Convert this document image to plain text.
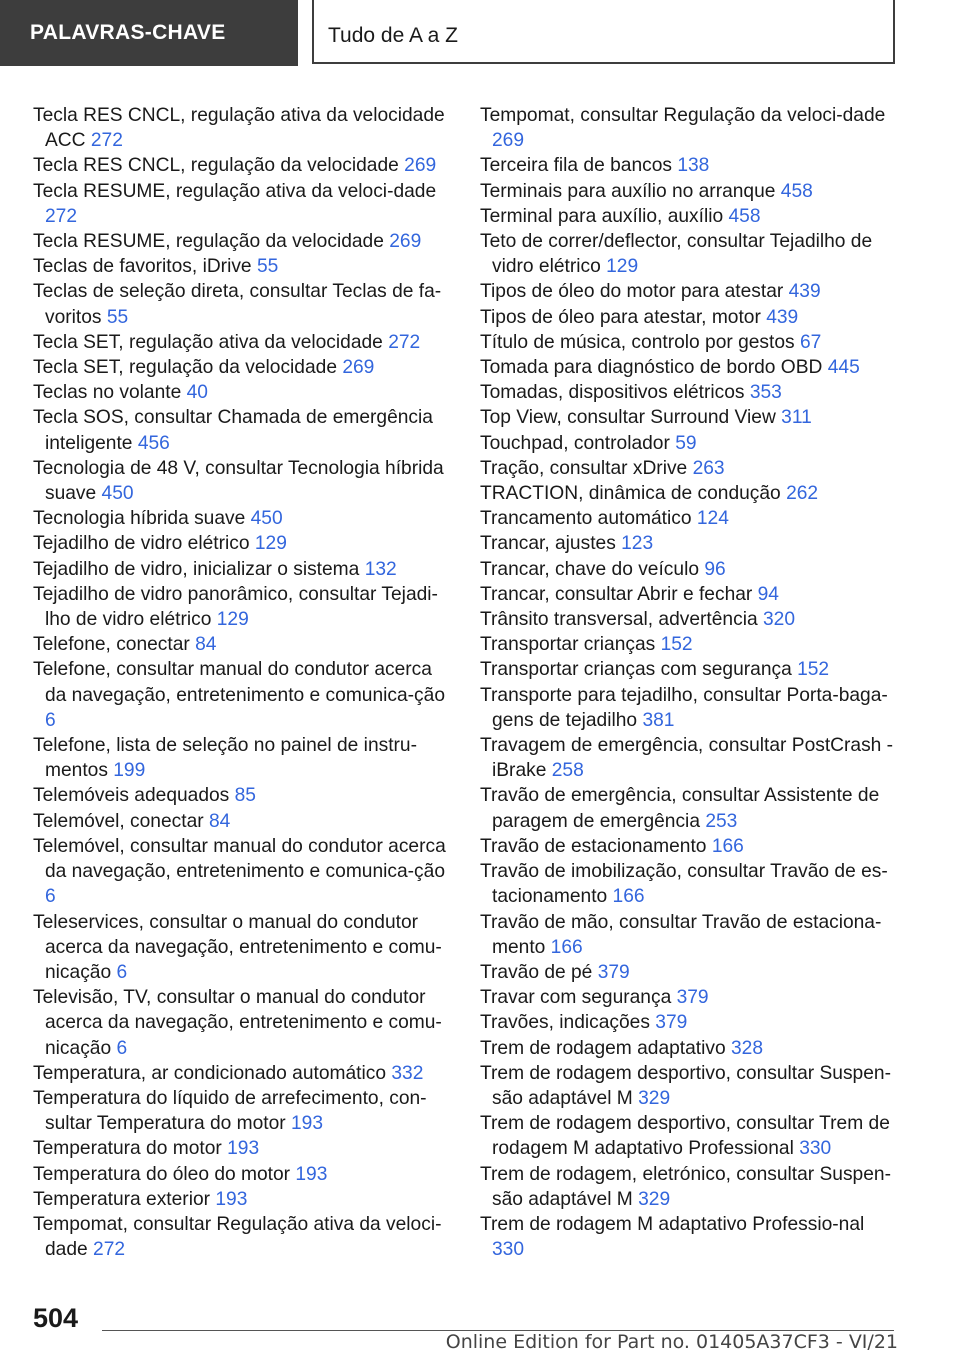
PALAVRAS-CHAVE	Tudo de A a Z
Tecla RES CNCL, regulação ativa da velocidade ACC 272
Tecla RES CNCL, regulação da velocidade 269
Tecla RESUME, regulação ativa da veloci-dade 272
Tecla RESUME, regulação da velocidade 269
Teclas de favoritos, iDrive 55
Teclas de seleção direta, consultar Teclas de fa-voritos 55
Tecla SET, regulação ativa da velocidade 272
Tecla SET, regulação da velocidade 269
Teclas no volante 40
Tecla SOS, consultar Chamada de emergência inteligente 456
Tecnologia de 48 V, consultar Tecnologia híbrida suave 450
Tecnologia híbrida suave 450
Tejadilho de vidro elétrico 129
Tejadilho de vidro, inicializar o sistema 132
Tejadilho de vidro panorâmico, consultar Tejadi-lho de vidro elétrico 129
Telefone, conectar 84
Telefone, consultar manual do condutor acerca da navegação, entretenimento e comunica-ção 6
Telefone, lista de seleção no painel de instru-mentos 199
Telemóveis adequados 85
Telemóvel, conectar 84
Telemóvel, consultar manual do condutor acerca da navegação, entretenimento e comunica-ção 6
Teleservices, consultar o manual do condutor acerca da navegação, entretenimento e comu-nicação 6
Televisão, TV, consultar o manual do condutor acerca da navegação, entretenimento e comu-nicação 6
Temperatura, ar condicionado automático 332
Temperatura do líquido de arrefecimento, con-sultar Temperatura do motor 193
Temperatura do motor 193
Temperatura do óleo do motor 193
Temperatura exterior 193
Tempomat, consultar Regulação ativa da veloci-dade 272
Tempomat, consultar Regulação da veloci-dade 269
Terceira fila de bancos 138
Terminais para auxílio no arranque 458
Terminal para auxílio, auxílio 458
Teto de correr/deflector, consultar Tejadilho de vidro elétrico 129
Tipos de óleo do motor para atestar 439
Tipos de óleo para atestar, motor 439
Título de música, controlo por gestos 67
Tomada para diagnóstico de bordo OBD 445
Tomadas, dispositivos elétricos 353
Top View, consultar Surround View 311
Touchpad, controlador 59
Tração, consultar xDrive 263
TRACTION, dinâmica de condução 262
Trancamento automático 124
Trancar, ajustes 123
Trancar, chave do veículo 96
Trancar, consultar Abrir e fechar 94
Trânsito transversal, advertência 320
Transportar crianças 152
Transportar crianças com segurança 152
Transporte para tejadilho, consultar Porta-baga-gens de tejadilho 381
Travagem de emergência, consultar PostCrash - iBrake 258
Travão de emergência, consultar Assistente de paragem de emergência 253
Travão de estacionamento 166
Travão de imobilização, consultar Travão de es-tacionamento 166
Travão de mão, consultar Travão de estaciona-mento 166
Travão de pé 379
Travar com segurança 379
Travões, indicações 379
Trem de rodagem adaptativo 328
Trem de rodagem desportivo, consultar Suspen-são adaptável M 329
Trem de rodagem desportivo, consultar Trem de rodagem M adaptativo Professional 330
Trem de rodagem, eletrónico, consultar Suspen-são adaptável M 329
Trem de rodagem M adaptativo Professio-nal 330
504
Online Edition for Part no. 01405A37CF3 - VI/21
